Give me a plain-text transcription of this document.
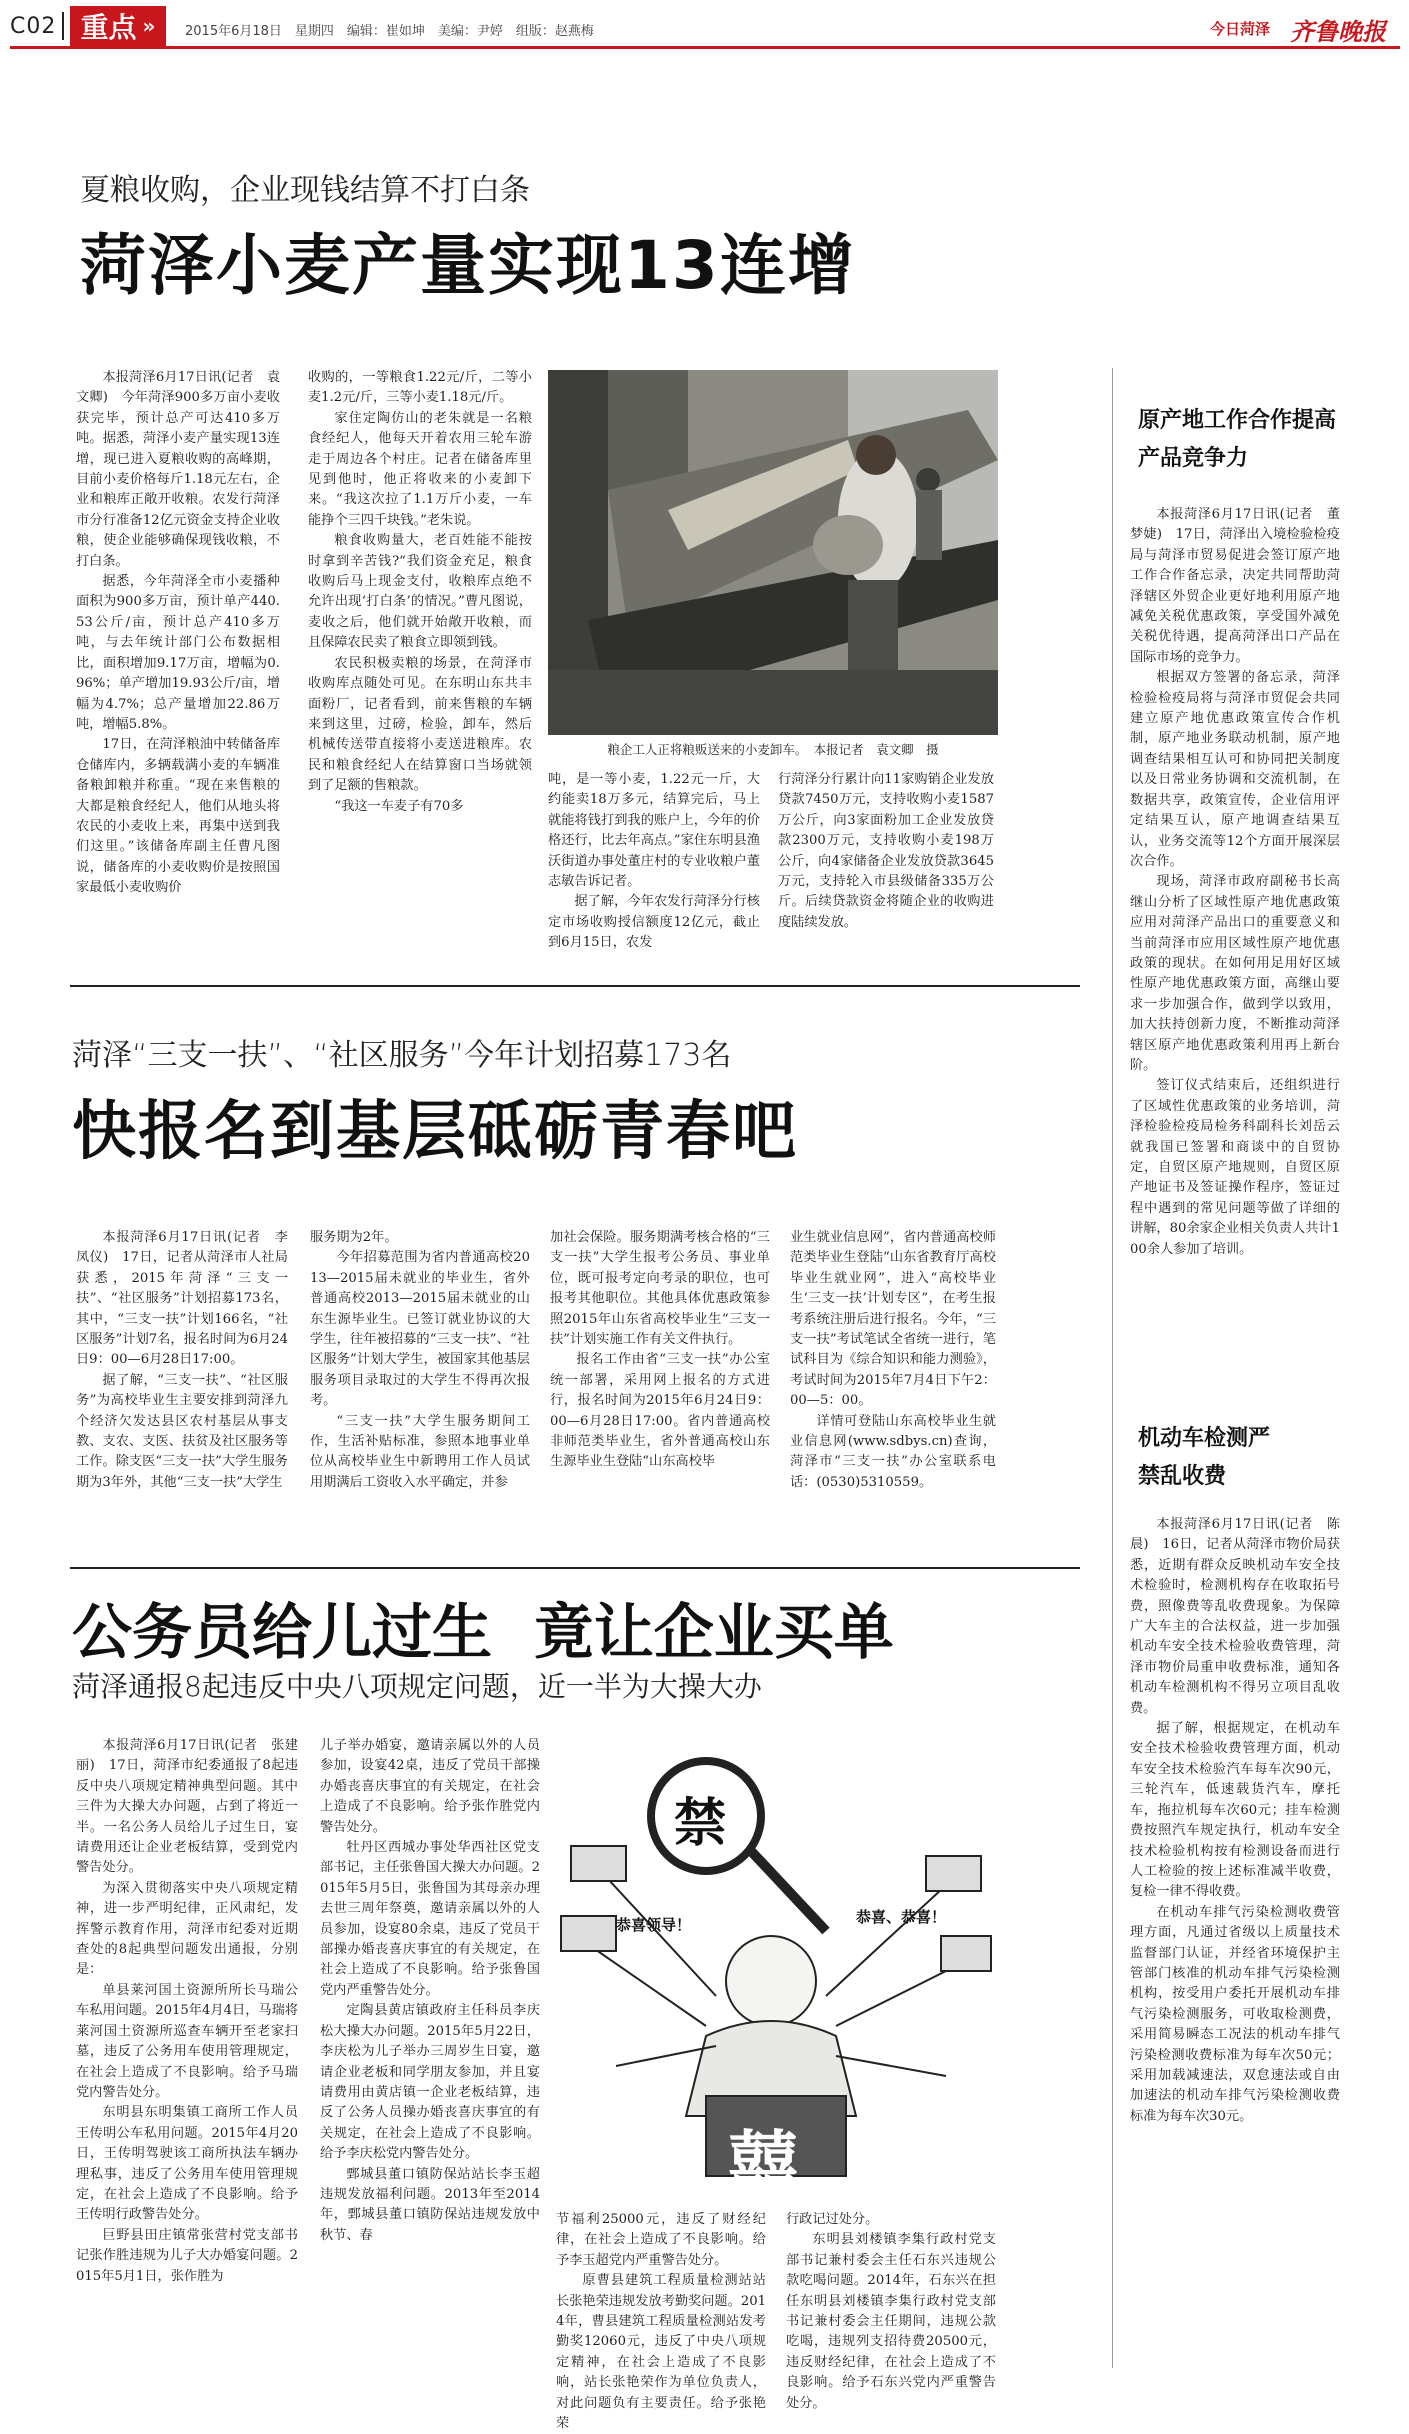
C02 重点 » 2015年6月18日　星期四　编辑：崔如坤　美编：尹婷　组版：赵燕梅	今日菏泽 齐鲁晚报
夏粮收购，企业现钱结算不打白条
菏泽小麦产量实现13连增

本报菏泽6月17日讯(记者　袁文卿)　今年菏泽900多万亩小麦收获完毕，预计总产可达410多万吨。据悉，菏泽小麦产量实现13连增，现已进入夏粮收购的高峰期，目前小麦价格每斤1.18元左右，企业和粮库正敞开收粮。农发行菏泽市分行准备12亿元资金支持企业收粮，使企业能够确保现钱收粮，不打白条。

据悉，今年菏泽全市小麦播种面积为900多万亩，预计单产440.53公斤/亩，预计总产410多万吨，与去年统计部门公布数据相比，面积增加9.17万亩，增幅为0.96%；单产增加19.93公斤/亩，增幅为4.7%；总产量增加22.86万吨，增幅5.8%。

17日，在菏泽粮油中转储备库仓储库内，多辆载满小麦的车辆准备粮卸粮并称重。“现在来售粮的大都是粮食经纪人，他们从地头将农民的小麦收上来，再集中送到我们这里。”该储备库副主任曹凡图说，储备库的小麦收购价是按照国家最低小麦收购价

收购的，一等粮食1.22元/斤，二等小麦1.2元/斤，三等小麦1.18元/斤。

家住定陶仿山的老朱就是一名粮食经纪人，他每天开着农用三轮车游走于周边各个村庄。记者在储备库里见到他时，他正将收来的小麦卸下来。“我这次拉了1.1万斤小麦，一车能挣个三四千块钱。”老朱说。

粮食收购量大，老百姓能不能按时拿到辛苦钱?“我们资金充足，粮食收购后马上现金支付，收粮库点绝不允许出现‘打白条’的情况。”曹凡图说，麦收之后，他们就开始敞开收粮，而且保障农民卖了粮食立即领到钱。

农民积极卖粮的场景，在菏泽市收购库点随处可见。在东明山东共丰面粉厂，记者看到，前来售粮的车辆来到这里，过磅，检验，卸车，然后机械传送带直接将小麦送进粮库。农民和粮食经纪人在结算窗口当场就领到了足额的售粮款。

“我这一车麦子有70多

粮企工人正将粮贩送来的小麦卸车。　本报记者　袁文卿　摄

吨，是一等小麦，1.22元一斤，大约能卖18万多元，结算完后，马上就能将钱打到我的账户上，今年的价格还行，比去年高点。”家住东明县渔沃街道办事处董庄村的专业收粮户董志敏告诉记者。

据了解，今年农发行菏泽分行核定市场收购授信额度12亿元，截止到6月15日，农发

行菏泽分行累计向11家购销企业发放贷款7450万元，支持收购小麦1587万公斤，向3家面粉加工企业发放贷款2300万元，支持收购小麦198万公斤，向4家储备企业发放贷款3645万元，支持轮入市县级储备335万公斤。后续贷款资金将随企业的收购进度陆续发放。

菏泽“三支一扶”、“社区服务”今年计划招募173名
快报名到基层砥砺青春吧

本报菏泽6月17日讯(记者　李凤仪)　17日，记者从菏泽市人社局获悉，2015年菏泽“三支一扶”、“社区服务”计划招募173名，其中，“三支一扶”计划166名，“社区服务”计划7名，报名时间为6月24日9：00—6月28日17:00。

据了解，“三支一扶”、“社区服务”为高校毕业生主要安排到菏泽九个经济欠发达县区农村基层从事支教、支农、支医、扶贫及社区服务等工作。除支医“三支一扶”大学生服务期为3年外，其他“三支一扶”大学生

服务期为2年。

今年招募范围为省内普通高校2013—2015届未就业的毕业生，省外普通高校2013—2015届未就业的山东生源毕业生。已签订就业协议的大学生，往年被招募的“三支一扶”、“社区服务”计划大学生，被国家其他基层服务项目录取过的大学生不得再次报考。

“三支一扶”大学生服务期间工作，生活补贴标准，参照本地事业单位从高校毕业生中新聘用工作人员试用期满后工资收入水平确定，并参

加社会保险。服务期满考核合格的“三支一扶”大学生报考公务员、事业单位，既可报考定向考录的职位，也可报考其他职位。其他具体优惠政策参照2015年山东省高校毕业生“三支一扶”计划实施工作有关文件执行。

报名工作由省“三支一扶”办公室统一部署，采用网上报名的方式进行，报名时间为2015年6月24日9：00—6月28日17:00。省内普通高校非师范类毕业生，省外普通高校山东生源毕业生登陆“山东高校毕

业生就业信息网”，省内普通高校师范类毕业生登陆“山东省教育厅高校毕业生就业网”，进入“高校毕业生‘三支一扶’计划专区”，在考生报考系统注册后进行报名。今年，“三支一扶”考试笔试全省统一进行，笔试科目为《综合知识和能力测验》，考试时间为2015年7月4日下午2：00—5：00。

详情可登陆山东高校毕业生就业信息网(www.sdbys.cn)查询，菏泽市“三支一扶”办公室联系电话：(0530)5310559。

公务员给儿过生  竟让企业买单
菏泽通报8起违反中央八项规定问题，近一半为大操大办

本报菏泽6月17日讯(记者　张建丽)　17日，菏泽市纪委通报了8起违反中央八项规定精神典型问题。其中三件为大操大办问题，占到了将近一半。一名公务人员给儿子过生日，宴请费用还让企业老板结算，受到党内警告处分。

为深入贯彻落实中央八项规定精神，进一步严明纪律，正风肃纪，发挥警示教育作用，菏泽市纪委对近期查处的8起典型问题发出通报，分别是：

单县莱河国土资源所所长马瑞公车私用问题。2015年4月4日，马瑞将莱河国土资源所巡查车辆开至老家扫墓，违反了公务用车使用管理规定，在社会上造成了不良影响。给予马瑞党内警告处分。

东明县东明集镇工商所工作人员王传明公车私用问题。2015年4月20日，王传明驾驶该工商所执法车辆办理私事，违反了公务用车使用管理规定，在社会上造成了不良影响。给予王传明行政警告处分。

巨野县田庄镇常张营村党支部书记张作胜违规为儿子大办婚宴问题。2015年5月1日，张作胜为

儿子举办婚宴，邀请亲属以外的人员参加，设宴42桌，违反了党员干部操办婚丧喜庆事宜的有关规定，在社会上造成了不良影响。给予张作胜党内警告处分。

牡丹区西城办事处华西社区党支部书记，主任张鲁国大操大办问题。2015年5月5日，张鲁国为其母亲办理去世三周年祭奠，邀请亲属以外的人员参加，设宴80余桌，违反了党员干部操办婚丧喜庆事宜的有关规定，在社会上造成了不良影响。给予张鲁国党内严重警告处分。

定陶县黄店镇政府主任科员李庆松大操大办问题。2015年5月22日，李庆松为儿子举办三周岁生日宴，邀请企业老板和同学朋友参加，并且宴请费用由黄店镇一企业老板结算，违反了公务人员操办婚丧喜庆事宜的有关规定，在社会上造成了不良影响。给予李庆松党内警告处分。

鄄城县董口镇防保站站长李玉超违规发放福利问题。2013年至2014年，鄄城县董口镇防保站违规发放中秋节、春

禁
恭喜领导！	恭喜、恭喜！
囍

节福利25000元，违反了财经纪律，在社会上造成了不良影响。给予李玉超党内严重警告处分。

原曹县建筑工程质量检测站站长张艳荣违规发放考勤奖问题。2014年，曹县建筑工程质量检测站发考勤奖12060元，违反了中央八项规定精神，在社会上造成了不良影响，站长张艳荣作为单位负责人，对此问题负有主要责任。给予张艳荣

行政记过处分。

东明县刘楼镇李集行政村党支部书记兼村委会主任石东兴违规公款吃喝问题。2014年，石东兴在担任东明县刘楼镇李集行政村党支部书记兼村委会主任期间，违规公款吃喝，违规列支招待费20500元，违反财经纪律，在社会上造成了不良影响。给予石东兴党内严重警告处分。

原产地工作合作提高产品竞争力

本报菏泽6月17日讯(记者　董梦婕)　17日，菏泽出入境检验检疫局与菏泽市贸易促进会签订原产地工作合作备忘录，决定共同帮助菏泽辖区外贸企业更好地利用原产地减免关税优惠政策，享受国外减免关税优待遇，提高菏泽出口产品在国际市场的竞争力。

根据双方签署的备忘录，菏泽检验检疫局将与菏泽市贸促会共同建立原产地优惠政策宣传合作机制，原产地业务联动机制，原产地调查结果相互认可和协同把关制度以及日常业务协调和交流机制，在数据共享，政策宣传，企业信用评定结果互认，原产地调查结果互认，业务交流等12个方面开展深层次合作。

现场，菏泽市政府副秘书长高继山分析了区域性原产地优惠政策应用对菏泽产品出口的重要意义和当前菏泽市应用区域性原产地优惠政策的现状。在如何用足用好区域性原产地优惠政策方面，高继山要求一步加强合作，做到学以致用，加大扶持创新力度，不断推动菏泽辖区原产地优惠政策利用再上新台阶。

签订仪式结束后，还组织进行了区域性优惠政策的业务培训，菏泽检验检疫局检务科副科长刘岳云就我国已签署和商谈中的自贸协定，自贸区原产地规则，自贸区原产地证书及签证操作程序，签证过程中遇到的常见问题等做了详细的讲解，80余家企业相关负责人共计100余人参加了培训。

机动车检测严禁乱收费

本报菏泽6月17日讯(记者　陈晨)　16日，记者从菏泽市物价局获悉，近期有群众反映机动车安全技术检验时，检测机构存在收取拓号费，照像费等乱收费现象。为保障广大车主的合法权益，进一步加强机动车安全技术检验收费管理，菏泽市物价局重申收费标准，通知各机动车检测机构不得另立项目乱收费。

据了解，根据规定，在机动车安全技术检验收费管理方面，机动车安全技术检验汽车每车次90元，三轮汽车，低速载货汽车，摩托车，拖拉机每车次60元；挂车检测费按照汽车规定执行，机动车安全技术检验机构按有检测设备而进行人工检验的按上述标准减半收费，复检一律不得收费。

在机动车排气污染检测收费管理方面，凡通过省级以上质量技术监督部门认证，并经省环境保护主管部门核准的机动车排气污染检测机构，按受用户委托开展机动车排气污染检测服务，可收取检测费，采用简易瞬态工况法的机动车排气污染检测收费标准为每车次50元；采用加载减速法，双怠速法或自由加速法的机动车排气污染检测收费标准为每车次30元。
